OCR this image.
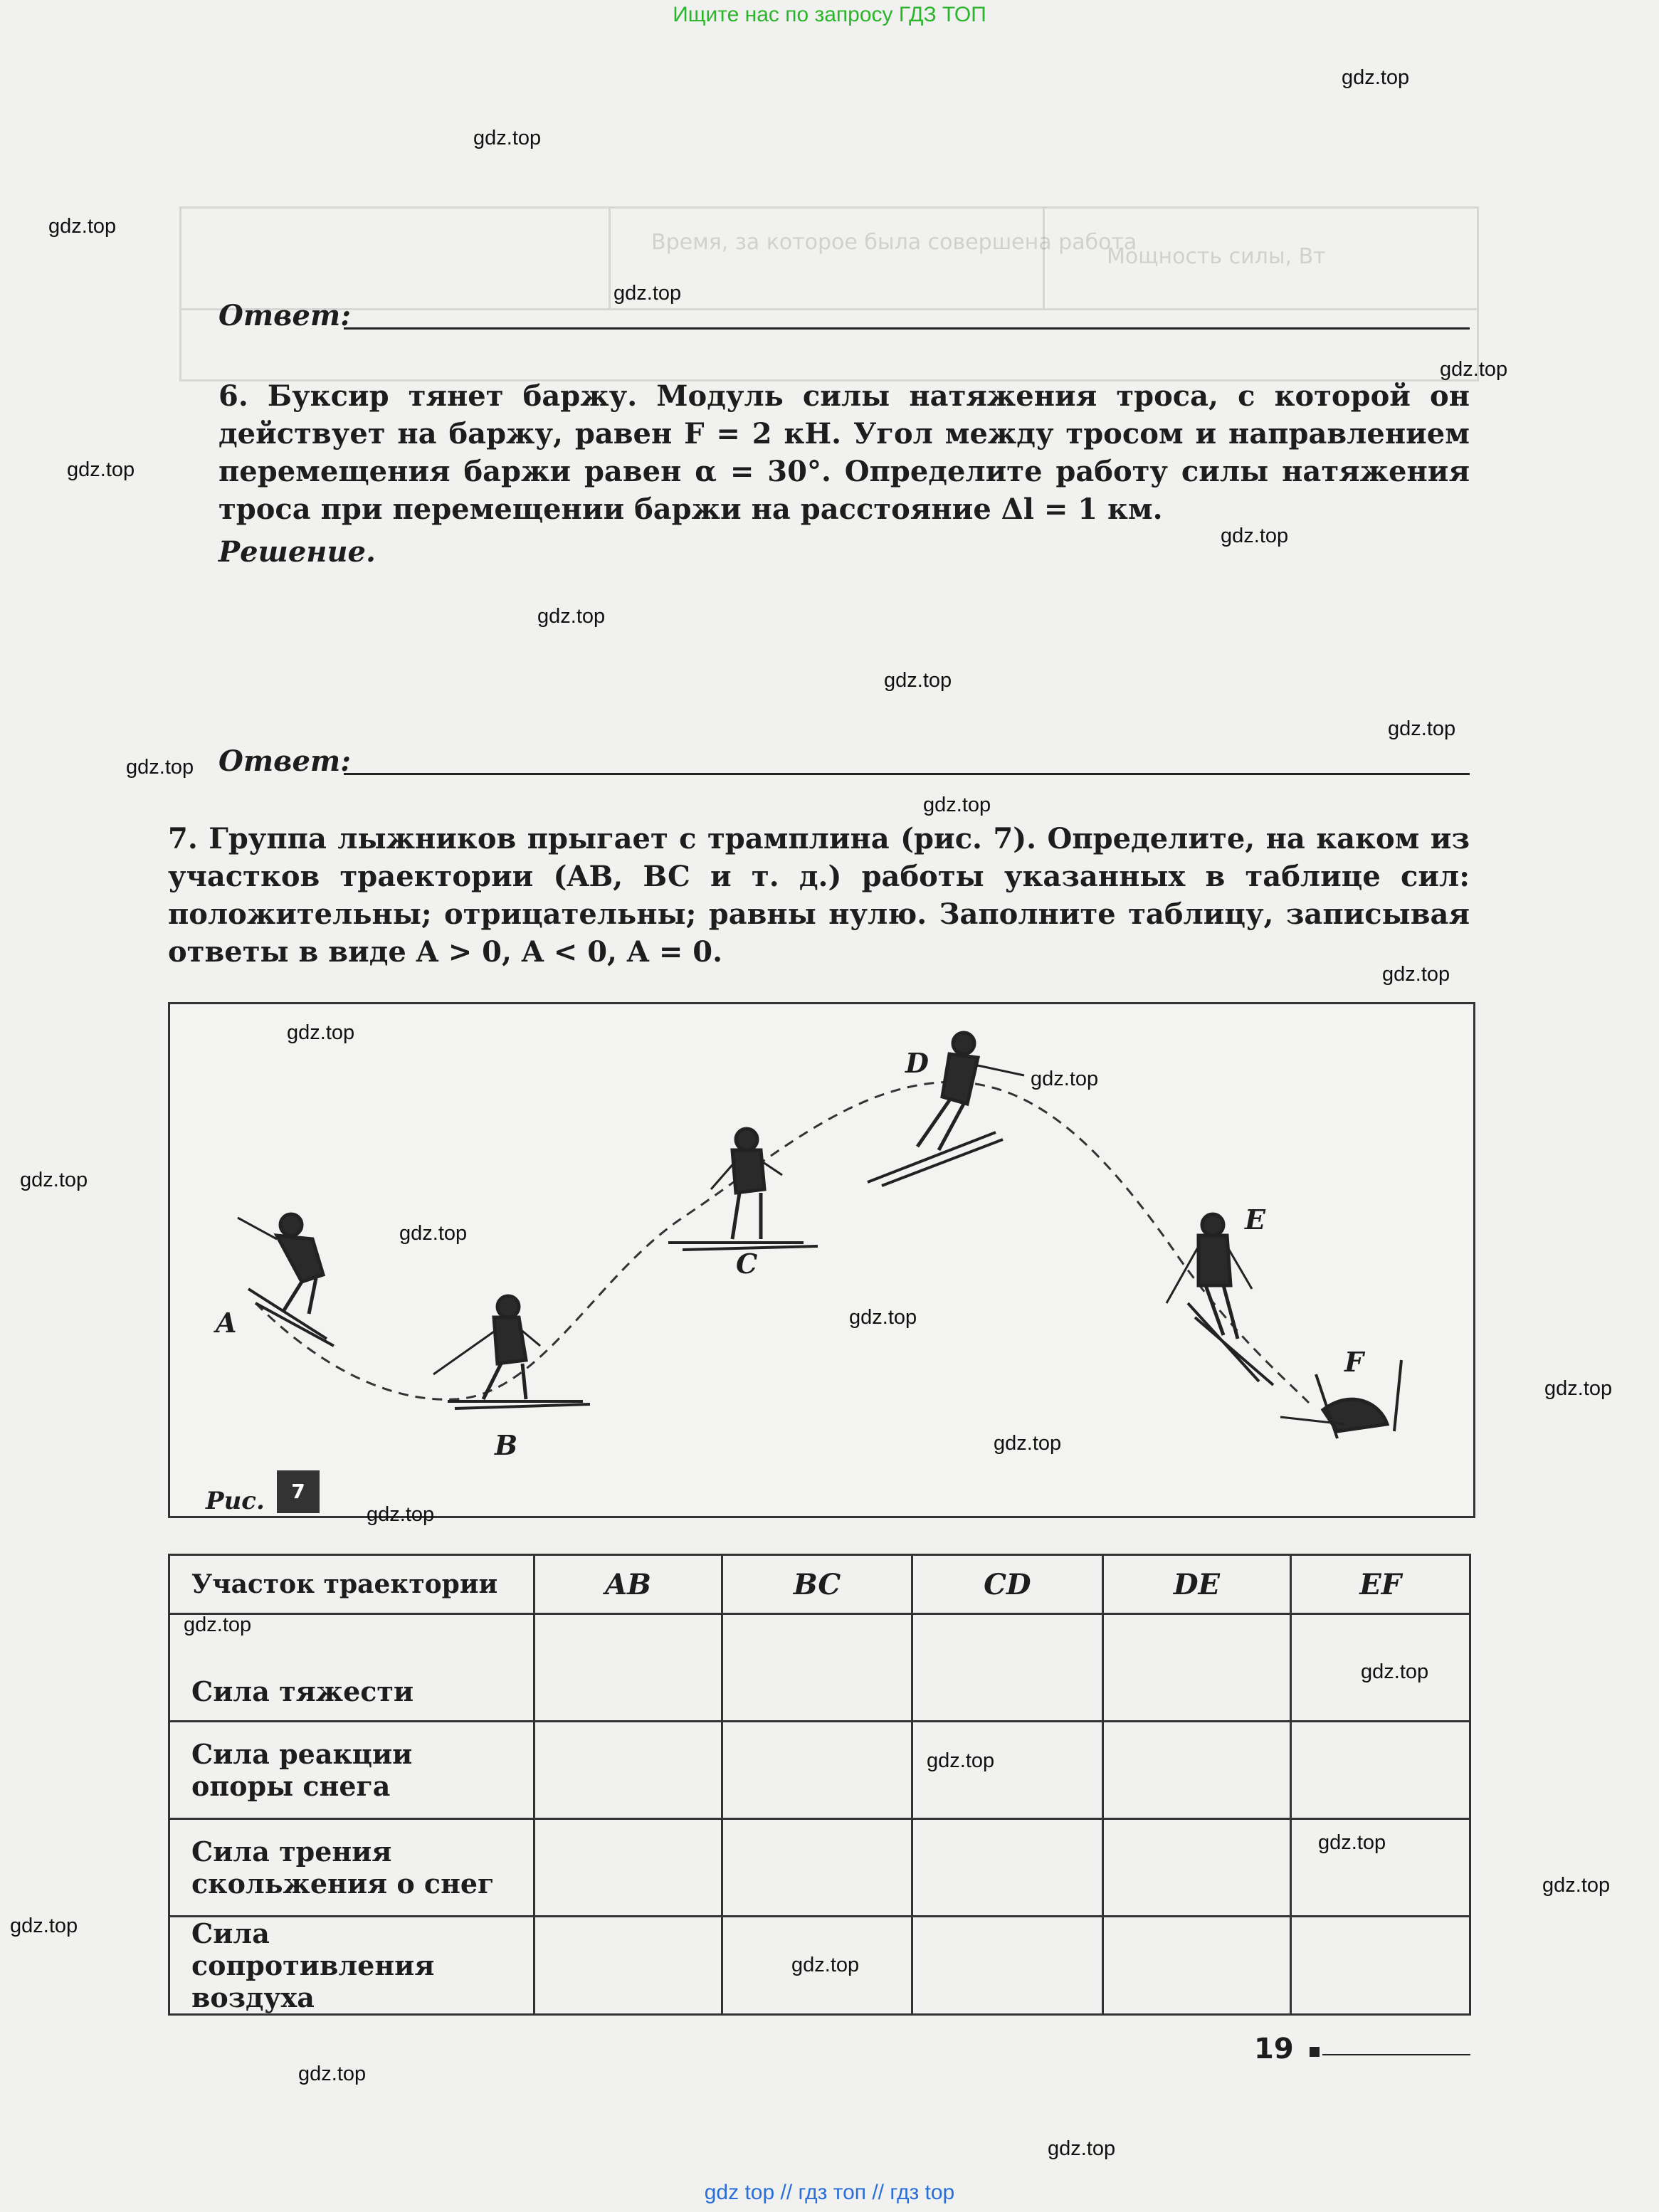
Ищите нас по запросу ГДЗ ТОП
gdz top // гдз топ // гдз top
Время, за которое была совершена работа
Мощность силы, Вт
Ответ:
6. Буксир тянет баржу. Модуль силы натяжения троса, с которой он действует на баржу, равен F = 2 кН. Угол между тросом и направлением перемещения баржи равен α = 30°. Определите работу силы натяжения троса при перемещении баржи на расстояние Δl = 1 км.
Решение.
Ответ:
7. Группа лыжников прыгает с трамплина (рис. 7). Определите, на каком из участков траектории (AB, BC и т. д.) работы указанных в таблице сил: положительны; отрицательны; равны нулю. Заполните таблицу, записывая ответы в виде A > 0, A < 0, A = 0.
A
B
C
D
E
F
Рис.	7
Участок траектории	AB	BC	CD	DE	EF
Сила тяжести					
Сила реакции опоры снега					
Сила трения скольжения о снег					
Сила сопротивления воздуха					
19
gdz.top
gdz.top
gdz.top
gdz.top
gdz.top
gdz.top
gdz.top
gdz.top
gdz.top
gdz.top
gdz.top
gdz.top
gdz.top
gdz.top
gdz.top
gdz.top
gdz.top
gdz.top
gdz.top
gdz.top
gdz.top
gdz.top
gdz.top
gdz.top
gdz.top
gdz.top
gdz.top
gdz.top
gdz.top
gdz.top
